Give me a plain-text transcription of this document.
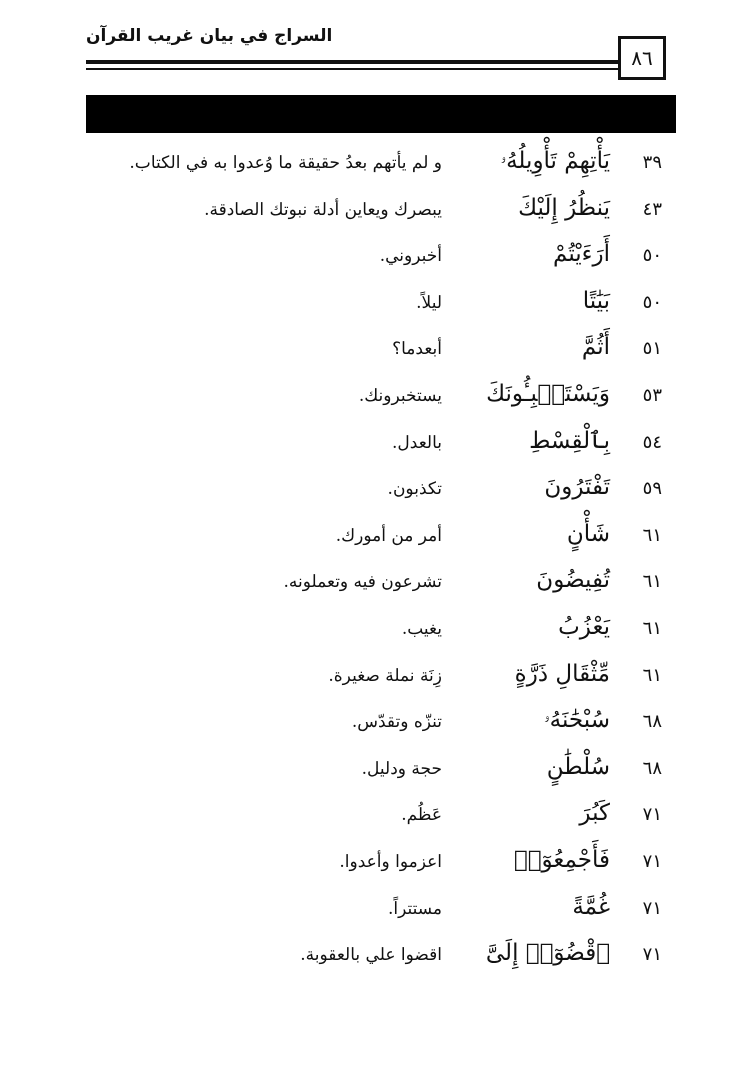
السراج في بيان غريب القرآن
٨٦
٣٩
يَأْتِهِمْ تَأْوِيلُهُۥ
و لم يأتهم بعدُ حقيقة ما وُعدوا به في الكتاب.
٤٣
يَنظُرُ إِلَيْكَ
يبصرك ويعاين أدلة نبوتك الصادقة.
٥٠
أَرَءَيْتُمْ
أخبروني.
٥٠
بَيَٰتًا
ليلاً.
٥١
أَثُمَّ
أبعدما؟
٥٣
وَيَسْتَنۢبِـُٔونَكَ
يستخبرونك.
٥٤
بِٱلْقِسْطِ
بالعدل.
٥٩
تَفْتَرُونَ
تكذبون.
٦١
شَأْنٍ
أمر من أمورك.
٦١
تُفِيضُونَ
تشرعون فيه وتعملونه.
٦١
يَعْزُبُ
يغيب.
٦١
مِّثْقَالِ ذَرَّةٍ
زِنَة نملة صغيرة.
٦٨
سُبْحَٰنَهُۥ
تنزّه وتقدّس.
٦٨
سُلْطَٰنٍ
حجة ودليل.
٧١
كَبُرَ
عَظُم.
٧١
فَأَجْمِعُوٓا۟
اعزموا وأعدوا.
٧١
غُمَّةً
مستتراً.
٧١
ٱقْضُوٓا۟ إِلَىَّ
اقضوا علي بالعقوبة.
